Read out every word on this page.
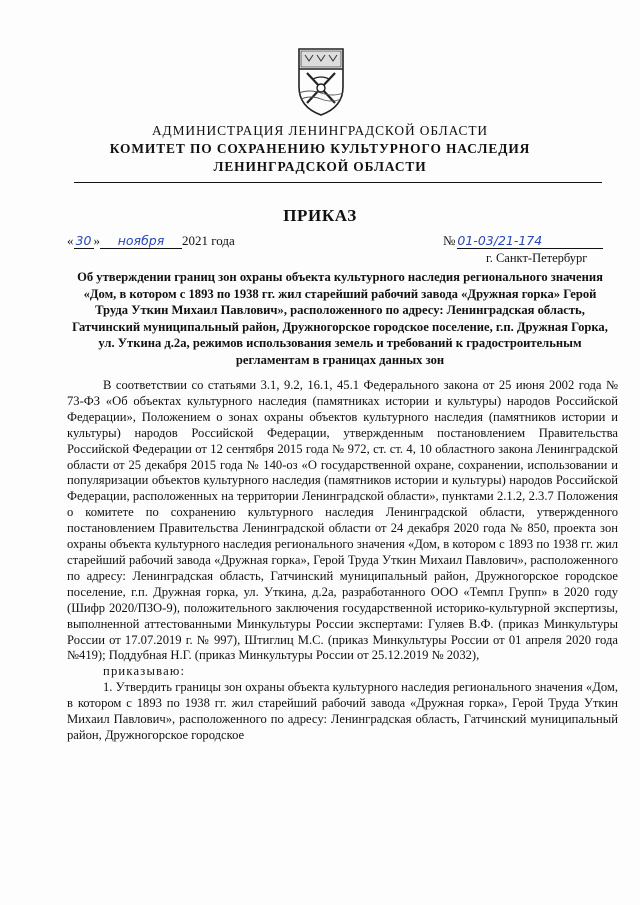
АДМИНИСТРАЦИЯ ЛЕНИНГРАДСКОЙ ОБЛАСТИ
КОМИТЕТ ПО СОХРАНЕНИЮ КУЛЬТУРНОГО НАСЛЕДИЯ
ЛЕНИНГРАДСКОЙ ОБЛАСТИ
ПРИКАЗ
« 30 » ноября 2021 года	№ 01-03/21-174
г. Санкт-Петербург
Об утверждении границ зон охраны объекта культурного наследия регионального значения «Дом, в котором с 1893 по 1938 гг. жил старейший рабочий завода «Дружная горка» Герой Труда Уткин Михаил Павлович», расположенного по адресу: Ленинградская область, Гатчинский муниципальный район, Дружногорское городское поселение, г.п. Дружная Горка, ул. Уткина д.2а, режимов использования земель и требований к градостроительным регламентам в границах данных зон

В соответствии со статьями 3.1, 9.2, 16.1, 45.1 Федерального закона от 25 июня 2002 года № 73-ФЗ «Об объектах культурного наследия (памятниках истории и культуры) народов Российской Федерации», Положением о зонах охраны объектов культурного наследия (памятников истории и культуры) народов Российской Федерации, утвержденным постановлением Правительства Российской Федерации от 12 сентября 2015 года № 972, ст. ст. 4, 10 областного закона Ленинградской области от 25 декабря 2015 года № 140-оз «О государственной охране, сохранении, использовании и популяризации объектов культурного наследия (памятников истории и культуры) народов Российской Федерации, расположенных на территории Ленинградской области», пунктами 2.1.2, 2.3.7 Положения о комитете по сохранению культурного наследия Ленинградской области, утвержденного постановлением Правительства Ленинградской области от 24 декабря 2020 года № 850, проекта зон охраны объекта культурного наследия регионального значения «Дом, в котором с 1893 по 1938 гг. жил старейший рабочий завода «Дружная горка», Герой Труда Уткин Михаил Павлович», расположенного по адресу: Ленинградская область, Гатчинский муниципальный район, Дружногорское городское поселение, г.п. Дружная горка, ул. Уткина, д.2а, разработанного ООО «Темпл Групп» в 2020 году (Шифр 2020/ПЗО-9), положительного заключения государственной историко-культурной экспертизы, выполненной аттестованными Минкультуры России экспертами: Гуляев В.Ф. (приказ Минкультуры России от 17.07.2019 г. № 997), Штиглиц М.С. (приказ Минкультуры России от 01 апреля 2020 года №419); Поддубная Н.Г. (приказ Минкультуры России от 25.12.2019 № 2032),

приказываю:

1. Утвердить границы зон охраны объекта культурного наследия регионального значения «Дом, в котором с 1893 по 1938 гг. жил старейший рабочий завода «Дружная горка», Герой Труда Уткин Михаил Павлович», расположенного по адресу: Ленинградская область, Гатчинский муниципальный район, Дружногорское городское
